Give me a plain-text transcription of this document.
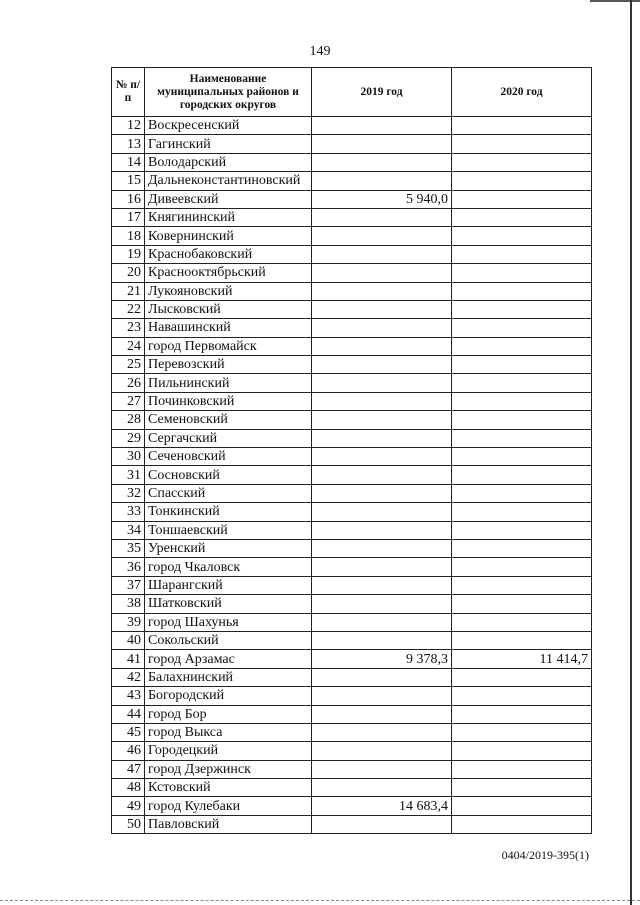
149
№ п/п	Наименование муниципальных районов и городских округов	2019 год	2020 год
12	Воскресенский		
13	Гагинский		
14	Володарский		
15	Дальнеконстантиновский		
16	Дивеевский	5 940,0	
17	Княгининский		
18	Ковернинский		
19	Краснобаковский		
20	Краснооктябрьский		
21	Лукояновский		
22	Лысковский		
23	Навашинский		
24	город Первомайск		
25	Перевозский		
26	Пильнинский		
27	Починковский		
28	Семеновский		
29	Сергачский		
30	Сеченовский		
31	Сосновский		
32	Спасский		
33	Тонкинский		
34	Тоншаевский		
35	Уренский		
36	город Чкаловск		
37	Шарангский		
38	Шатковский		
39	город Шахунья		
40	Сокольский		
41	город Арзамас	9 378,3	11 414,7
42	Балахнинский		
43	Богородский		
44	город Бор		
45	город Выкса		
46	Городецкий		
47	город Дзержинск		
48	Кстовский		
49	город Кулебаки	14 683,4	
50	Павловский		
0404/2019-395(1)
